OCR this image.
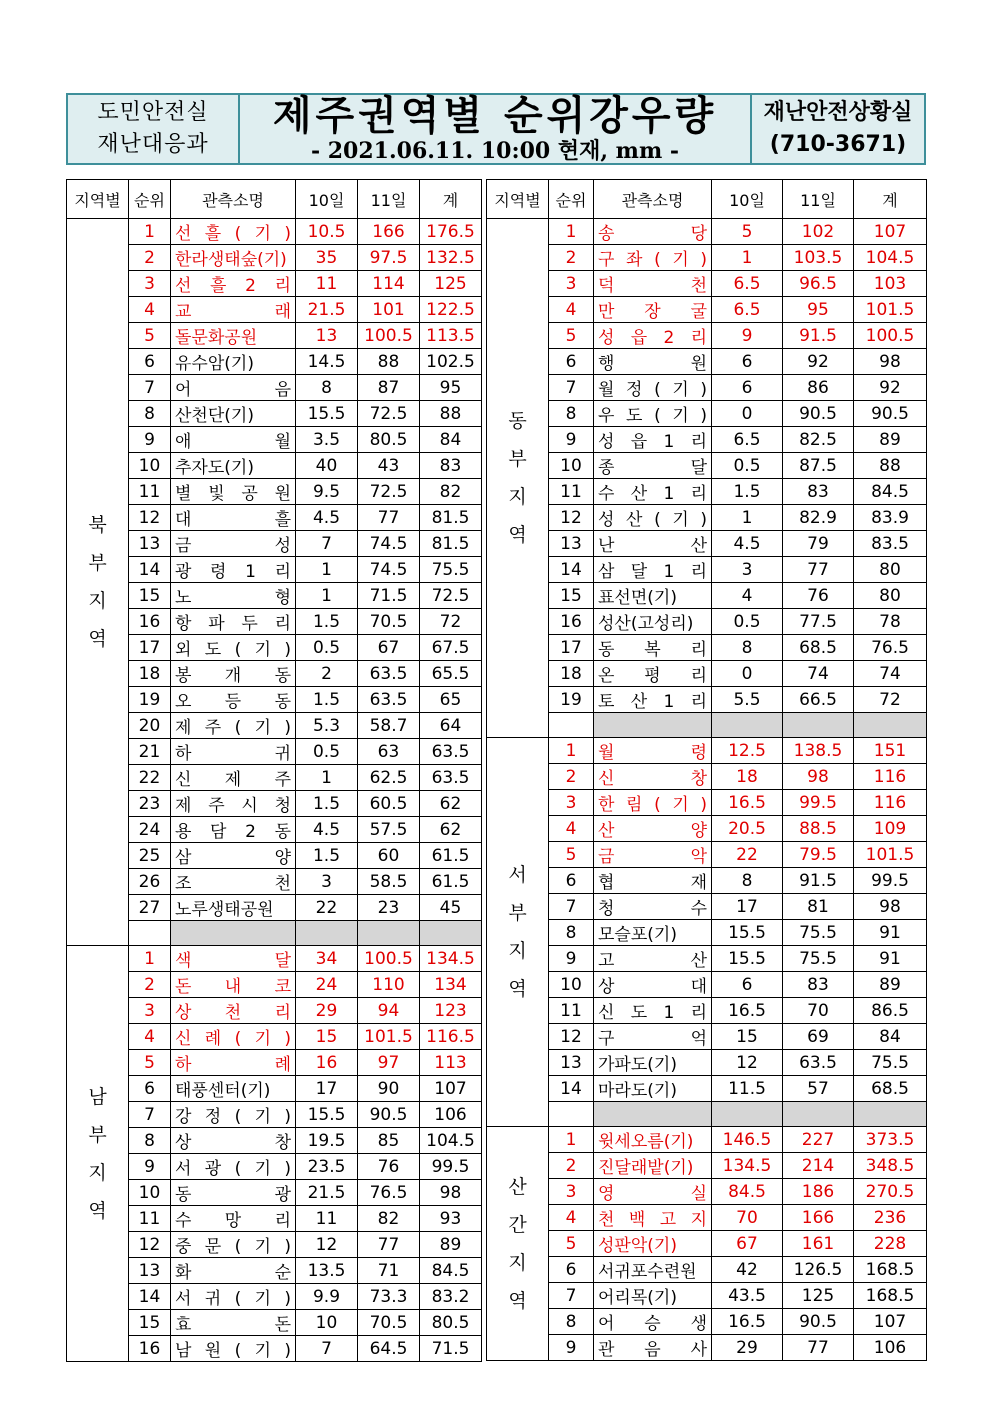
도민안전실
재난대응과
제주권역별 순위강우량
- 2021.06.11. 10:00 현재, mm -
재난안전상황실
(710-3671)
지역별	순위	관측소명	10일	11일	계
북부지역	1	선 흘 ( 기 )	10.5	166	176.5
	2	한라생태숲(기)	35	97.5	132.5
	3	선 흘 2 리	11	114	125
	4	교 래	21.5	101	122.5
	5	돌문화공원	13	100.5	113.5
	6	유수암(기)	14.5	88	102.5
	7	어 음	8	87	95
	8	산천단(기)	15.5	72.5	88
	9	애 월	3.5	80.5	84
	10	추자도(기)	40	43	83
	11	별 빛 공 원	9.5	72.5	82
	12	대 흘	4.5	77	81.5
	13	금 성	7	74.5	81.5
	14	광 령 1 리	1	74.5	75.5
	15	노 형	1	71.5	72.5
	16	항 파 두 리	1.5	70.5	72
	17	외 도 ( 기 )	0.5	67	67.5
	18	봉 개 동	2	63.5	65.5
	19	오 등 동	1.5	63.5	65
	20	제 주 ( 기 )	5.3	58.7	64
	21	하 귀	0.5	63	63.5
	22	신 제 주	1	62.5	63.5
	23	제 주 시 청	1.5	60.5	62
	24	용 담 2 동	4.5	57.5	62
	25	삼 양	1.5	60	61.5
	26	조 천	3	58.5	61.5
	27	노루생태공원	22	23	45

남부지역	1	색 달	34	100.5	134.5
	2	돈 내 코	24	110	134
	3	상 천 리	29	94	123
	4	신 례 ( 기 )	15	101.5	116.5
	5	하 례	16	97	113
	6	태풍센터(기)	17	90	107
	7	강 정 ( 기 )	15.5	90.5	106
	8	상 창	19.5	85	104.5
	9	서 광 ( 기 )	23.5	76	99.5
	10	동 광	21.5	76.5	98
	11	수 망 리	11	82	93
	12	중 문 ( 기 )	12	77	89
	13	화 순	13.5	71	84.5
	14	서 귀 ( 기 )	9.9	73.3	83.2
	15	효 돈	10	70.5	80.5
	16	남 원 ( 기 )	7	64.5	71.5
지역별	순위	관측소명	10일	11일	계
동부지역	1	송 당	5	102	107
	2	구 좌 ( 기 )	1	103.5	104.5
	3	덕 천	6.5	96.5	103
	4	만 장 굴	6.5	95	101.5
	5	성 읍 2 리	9	91.5	100.5
	6	행 원	6	92	98
	7	월 정 ( 기 )	6	86	92
	8	우 도 ( 기 )	0	90.5	90.5
	9	성 읍 1 리	6.5	82.5	89
	10	종 달	0.5	87.5	88
	11	수 산 1 리	1.5	83	84.5
	12	성 산 ( 기 )	1	82.9	83.9
	13	난 산	4.5	79	83.5
	14	삼 달 1 리	3	77	80
	15	표선면(기)	4	76	80
	16	성산(고성리)	0.5	77.5	78
	17	동 복 리	8	68.5	76.5
	18	온 평 리	0	74	74
	19	토 산 1 리	5.5	66.5	72

서부지역	1	월 령	12.5	138.5	151
	2	신 창	18	98	116
	3	한 림 ( 기 )	16.5	99.5	116
	4	산 양	20.5	88.5	109
	5	금 악	22	79.5	101.5
	6	협 재	8	91.5	99.5
	7	청 수	17	81	98
	8	모슬포(기)	15.5	75.5	91
	9	고 산	15.5	75.5	91
	10	상 대	6	83	89
	11	신 도 1 리	16.5	70	86.5
	12	구 억	15	69	84
	13	가파도(기)	12	63.5	75.5
	14	마라도(기)	11.5	57	68.5

산간지역	1	윗세오름(기)	146.5	227	373.5
	2	진달래밭(기)	134.5	214	348.5
	3	영 실	84.5	186	270.5
	4	천 백 고 지	70	166	236
	5	성판악(기)	67	161	228
	6	서귀포수련원	42	126.5	168.5
	7	어리목(기)	43.5	125	168.5
	8	어 승 생	16.5	90.5	107
	9	관 음 사	29	77	106
